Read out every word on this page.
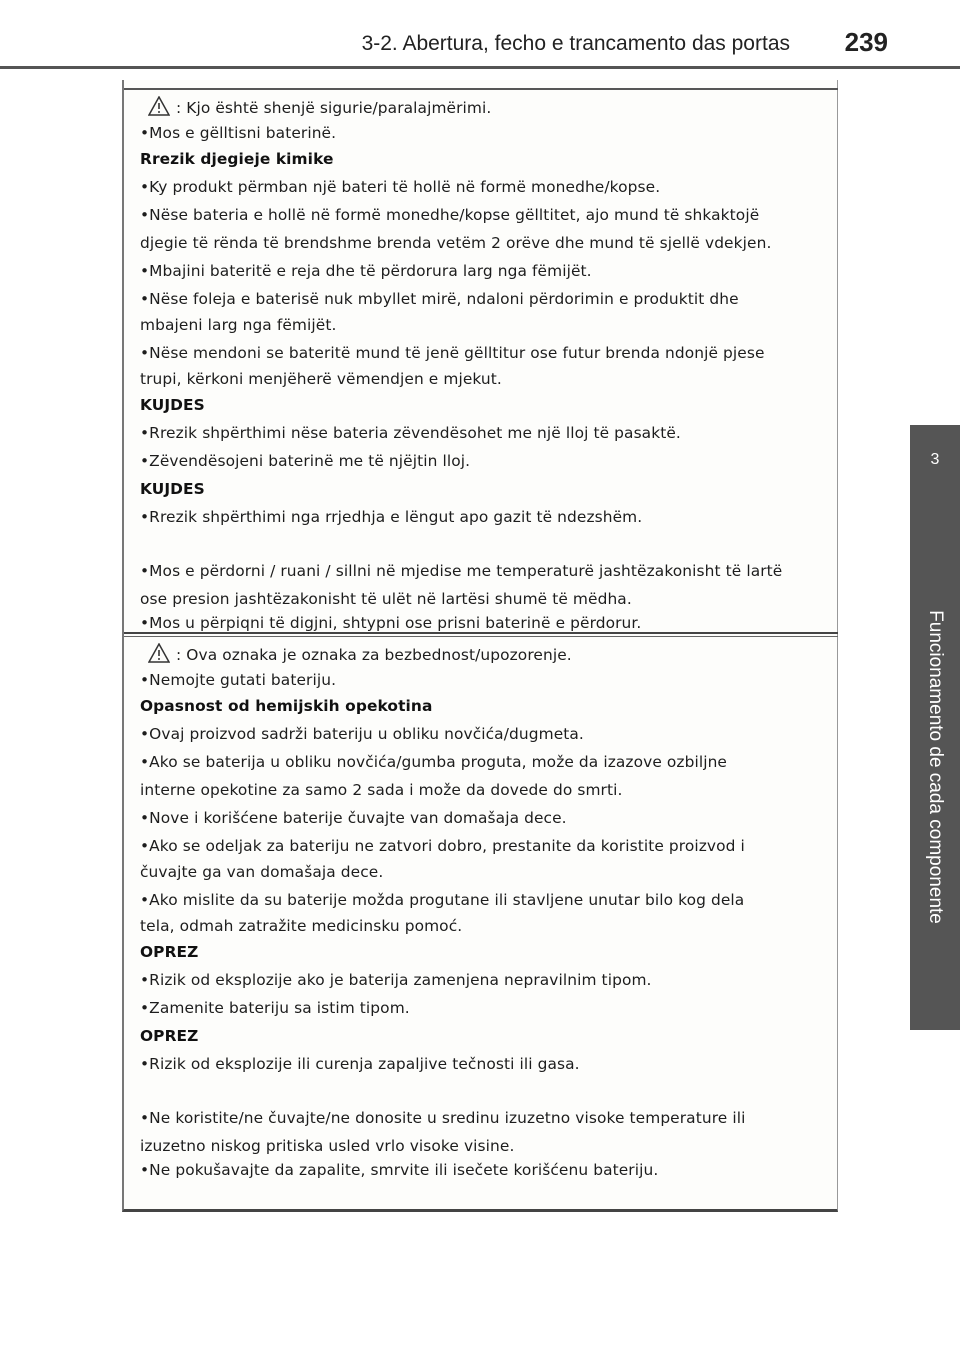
3-2. Abertura, fecho e trancamento das portas 239
3
Funcionamento de cada componente
: Kjo është shenjë sigurie/paralajmërimi.
•Mos e gëlltisni baterinë.
Rrezik djegieje kimike
•Ky produkt përmban një bateri të hollë në formë monedhe/kopse.
•Nëse bateria e hollë në formë monedhe/kopse gëlltitet, ajo mund të shkaktojë
djegie të rënda të brendshme brenda vetëm 2 orëve dhe mund të sjellë vdekjen.
•Mbajini bateritë e reja dhe të përdorura larg nga fëmijët.
•Nëse foleja e baterisë nuk mbyllet mirë, ndaloni përdorimin e produktit dhe
mbajeni larg nga fëmijët.
•Nëse mendoni se bateritë mund të jenë gëlltitur ose futur brenda ndonjë pjese
trupi, kërkoni menjëherë vëmendjen e mjekut.
KUJDES
•Rrezik shpërthimi nëse bateria zëvendësohet me një lloj të pasaktë.
•Zëvendësojeni baterinë me të njëjtin lloj.
KUJDES
•Rrezik shpërthimi nga rrjedhja e lëngut apo gazit të ndezshëm.
•Mos e përdorni / ruani / sillni në mjedise me temperaturë jashtëzakonisht të lartë
ose presion jashtëzakonisht të ulët në lartësi shumë të mëdha.
•Mos u përpiqni të digjni, shtypni ose prisni baterinë e përdorur.
: Ova oznaka je oznaka za bezbednost/upozorenje.
•Nemojte gutati bateriju.
Opasnost od hemijskih opekotina
•Ovaj proizvod sadrži bateriju u obliku novčića/dugmeta.
•Ako se baterija u obliku novčića/gumba proguta, može da izazove ozbiljne
interne opekotine za samo 2 sada i može da dovede do smrti.
•Nove i korišćene baterije čuvajte van domašaja dece.
•Ako se odeljak za bateriju ne zatvori dobro, prestanite da koristite proizvod i
čuvajte ga van domašaja dece.
•Ako mislite da su baterije možda progutane ili stavljene unutar bilo kog dela
tela, odmah zatražite medicinsku pomoć.
OPREZ
•Rizik od eksplozije ako je baterija zamenjena nepravilnim tipom.
•Zamenite bateriju sa istim tipom.
OPREZ
•Rizik od eksplozije ili curenja zapaljive tečnosti ili gasa.
•Ne koristite/ne čuvajte/ne donosite u sredinu izuzetno visoke temperature ili
izuzetno niskog pritiska usled vrlo visoke visine.
•Ne pokušavajte da zapalite, smrvite ili isečete korišćenu bateriju.
